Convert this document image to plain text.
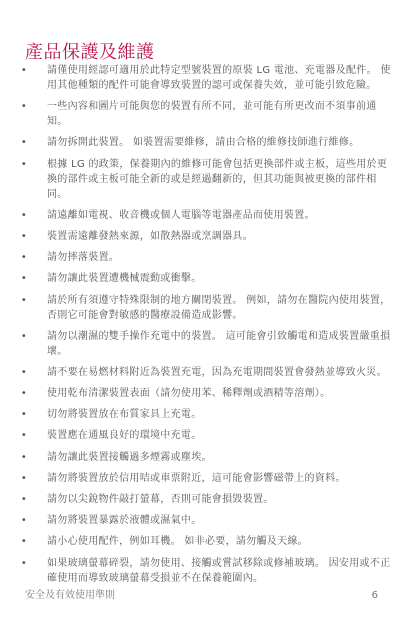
產品保護及維護
• 請僅使用經認可適用於此特定型號裝置的原裝 LG 電池、充電器及配件。 使用其他種類的配件可能會導致裝置的認可或保養失效，並可能引致危險。
• 一些內容和圖片可能與您的裝置有所不同，並可能有所更改而不須事前通知。
• 請勿拆開此裝置。 如裝置需要維修，請由合格的維修技師進行維修。
• 根據 LG 的政策，保養期內的維修可能會包括更換部件或主板，這些用於更換的部件或主板可能全新的或是經過翻新的，但其功能與被更換的部件相同。
• 請遠離如電視、收音機或個人電腦等電器產品而使用裝置。
• 裝置需遠離發熱來源，如散熱器或烹調器具。
• 請勿摔落裝置。
• 請勿讓此裝置遭機械震動或衝擊。
• 請於所有須遵守特殊限制的地方關閉裝置。 例如，請勿在醫院內使用裝置， 否則它可能會對敏感的醫療設備造成影響。
• 請勿以潮濕的雙手操作充電中的裝置。 這可能會引致觸電和造成裝置嚴重損壞。
• 請不要在易燃材料附近為裝置充電，因為充電期間裝置會發熱並導致火災。
• 使用乾布清潔裝置表面（請勿使用苯、稀釋劑或酒精等溶劑）。
• 切勿將裝置放在布質家具上充電。
• 裝置應在通風良好的環境中充電。
• 請勿讓此裝置接觸過多煙霧或塵埃。
• 請勿將裝置放於信用咭或車票附近，這可能會影響磁帶上的資料。
• 請勿以尖銳物件敲打螢幕，否則可能會損毀裝置。
• 請勿將裝置暴露於液體或濕氣中。
• 請小心使用配件，例如耳機。 如非必要，請勿觸及天線。
• 如果玻璃螢幕碎裂，請勿使用、接觸或嘗試移除或修補玻璃。 因安用或不正確使用而導致玻璃螢幕受損並不在保養範圍內。
安全及有效使用準則	6
